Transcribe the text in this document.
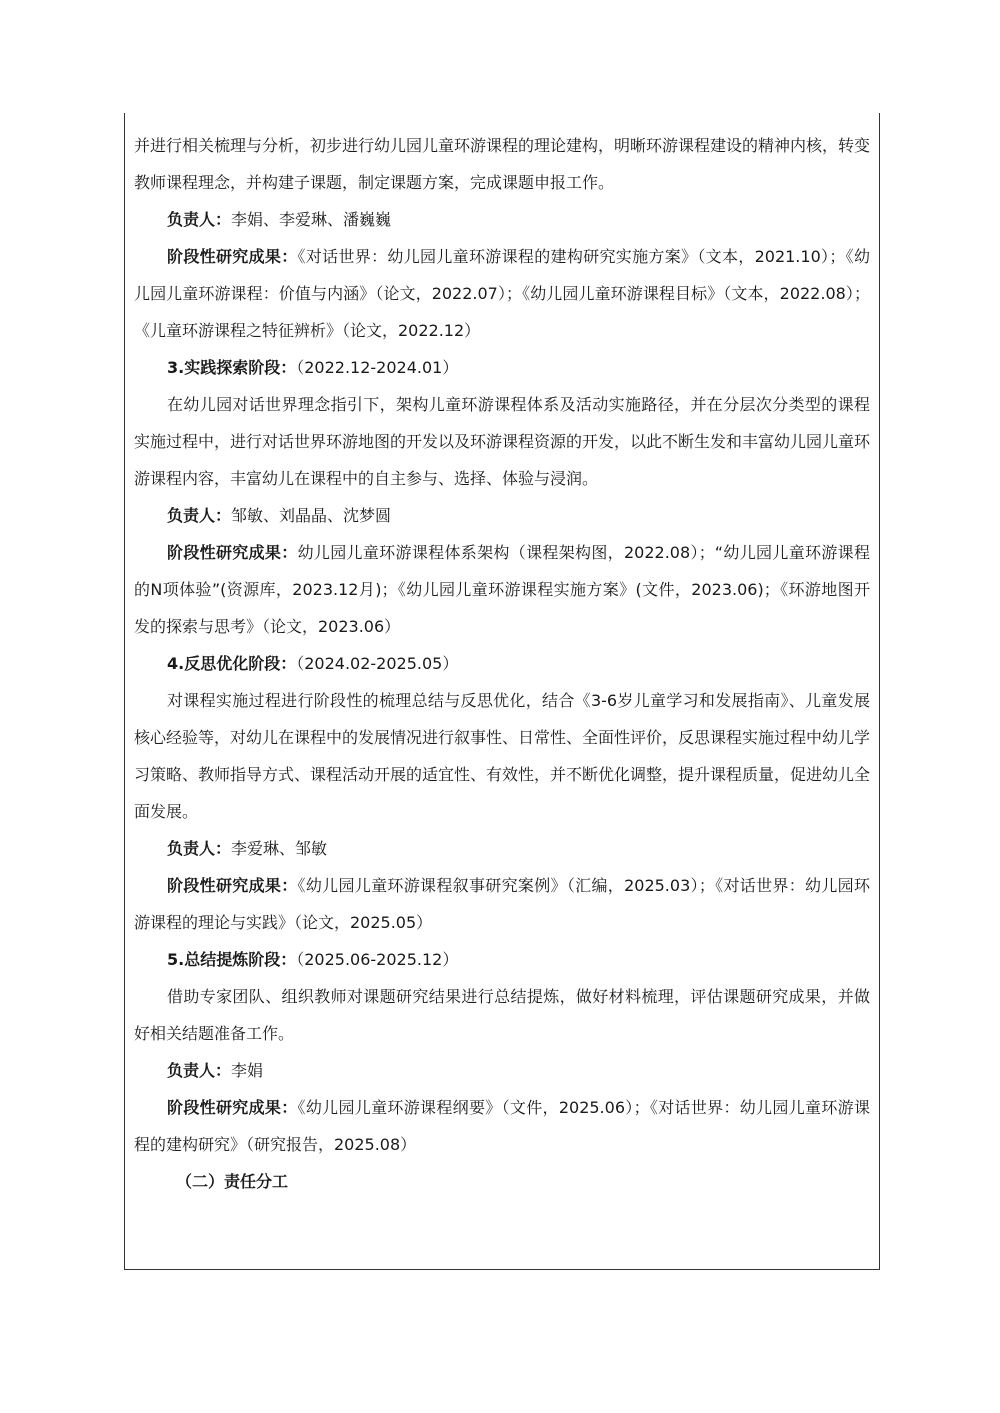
并进行相关梳理与分析，初步进行幼儿园儿童环游课程的理论建构，明晰环游课程建设的精神内核，转变教师课程理念，并构建子课题，制定课题方案，完成课题申报工作。

负责人：李娟、李爱琳、潘巍巍

阶段性研究成果：《对话世界：幼儿园儿童环游课程的建构研究实施方案》（文本，2021.10）；《幼儿园儿童环游课程：价值与内涵》（论文，2022.07）；《幼儿园儿童环游课程目标》（文本，2022.08）；《儿童环游课程之特征辨析》（论文，2022.12）

3.实践探索阶段：（2022.12-2024.01）

在幼儿园对话世界理念指引下，架构儿童环游课程体系及活动实施路径，并在分层次分类型的课程实施过程中，进行对话世界环游地图的开发以及环游课程资源的开发，以此不断生发和丰富幼儿园儿童环游课程内容，丰富幼儿在课程中的自主参与、选择、体验与浸润。

负责人：邹敏、刘晶晶、沈梦圆

阶段性研究成果：幼儿园儿童环游课程体系架构（课程架构图，2022.08）；“幼儿园儿童环游课程的N项体验”(资源库，2023.12月)；《幼儿园儿童环游课程实施方案》(文件，2023.06)；《环游地图开发的探索与思考》（论文，2023.06）

4.反思优化阶段：（2024.02-2025.05）

对课程实施过程进行阶段性的梳理总结与反思优化，结合《3-6岁儿童学习和发展指南》、儿童发展核心经验等，对幼儿在课程中的发展情况进行叙事性、日常性、全面性评价，反思课程实施过程中幼儿学习策略、教师指导方式、课程活动开展的适宜性、有效性，并不断优化调整，提升课程质量，促进幼儿全面发展。

负责人：李爱琳、邹敏

阶段性研究成果：《幼儿园儿童环游课程叙事研究案例》（汇编，2025.03）；《对话世界：幼儿园环游课程的理论与实践》（论文，2025.05）

5.总结提炼阶段：（2025.06-2025.12）

借助专家团队、组织教师对课题研究结果进行总结提炼，做好材料梳理，评估课题研究成果，并做好相关结题准备工作。

负责人：李娟

阶段性研究成果：《幼儿园儿童环游课程纲要》（文件，2025.06）；《对话世界：幼儿园儿童环游课程的建构研究》（研究报告，2025.08）

（二）责任分工
